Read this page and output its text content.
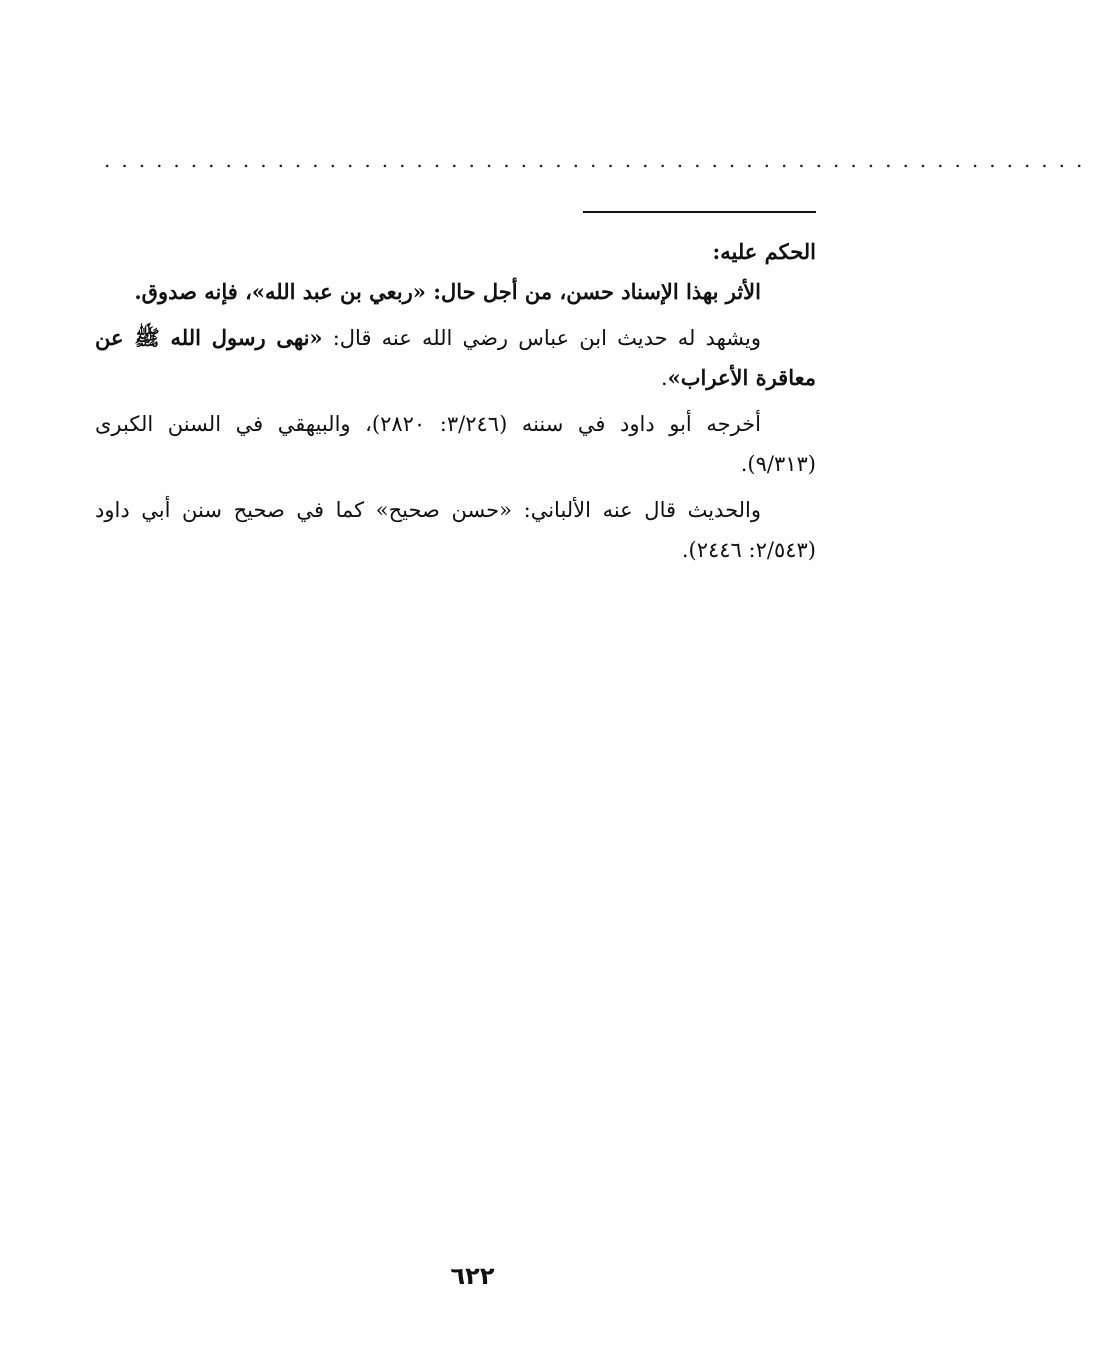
.........................................................

الحكم عليه:

الأثر بهذا الإسناد حسن، من أجل حال: «ربعي بن عبد الله»، فإنه صدوق.

ويشهد له حديث ابن عباس رضي الله عنه قال: «نهى رسول الله ﷺ عن معاقرة الأعراب».

أخرجه أبو داود في سننه (٣/٢٤٦: ٢٨٢٠)، والبيهقي في السنن الكبرى (٩/٣١٣).

والحديث قال عنه الألباني: «حسن صحيح» كما في صحيح سنن أبي داود (٢/٥٤٣: ٢٤٤٦).

٦٢٢
